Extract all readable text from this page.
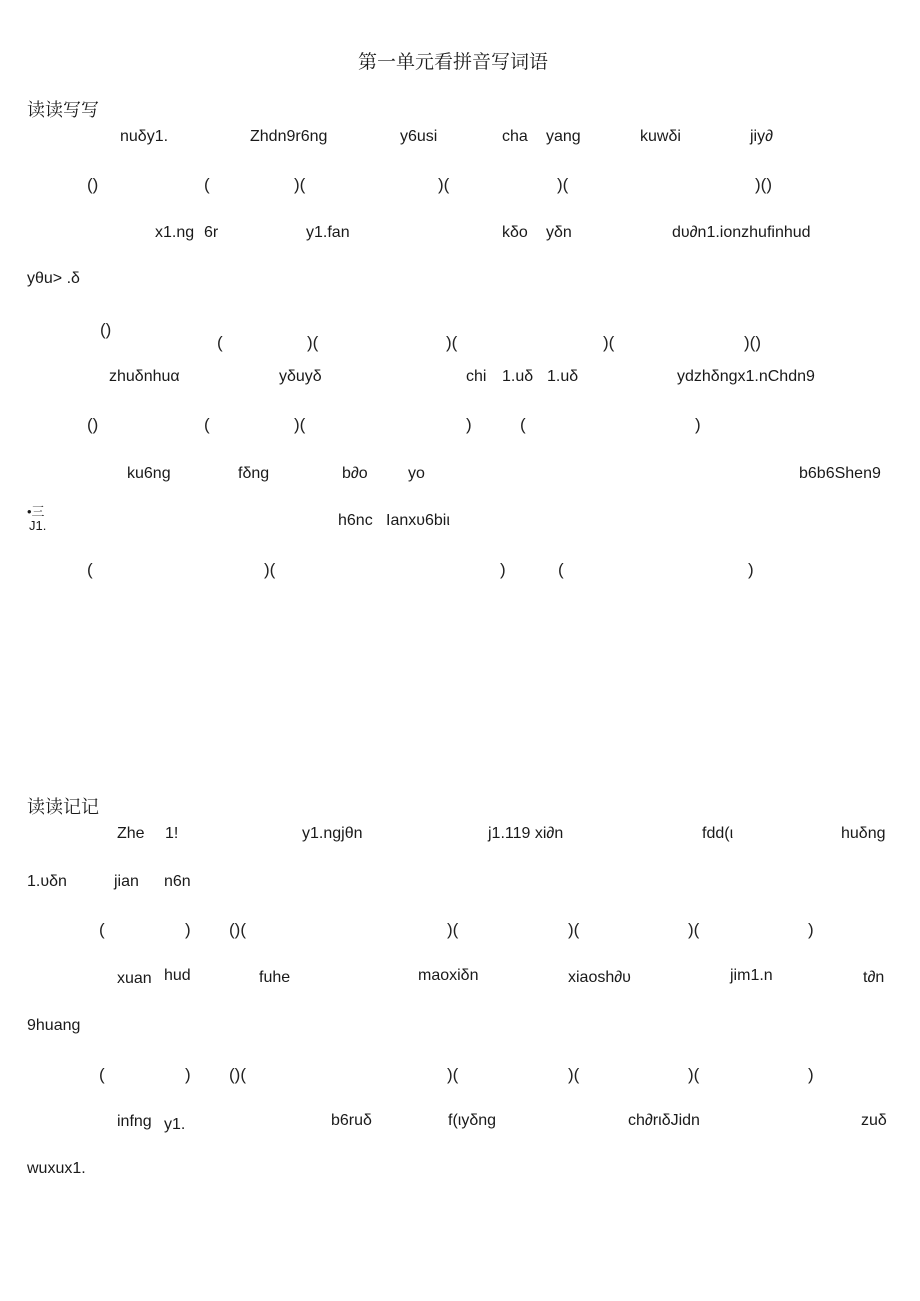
第一单元看拼音写词语
读读写写
nuδy1.	Zhdn9r6ng	y6usi	cha yang	kuwδi	jiy∂
()	(	)(	)(	)(	)()
x1.ng 6r	y1.fan	kδo yδn	dυ∂n1.ionzhufinhud
yθu> .δ
()
(	)(	)(	)(	)()
zhuδnhuα	yδuyδ	chi 1.uδ 1.uδ	ydzhδngx1.nChdn9
()	(	)(	)	(	)
ku6ng	fδng	b∂o	yo	b6b6Shen9
•三
J1.	h6nc Ianxυ6biι
(	)(	)	(	)
读读记记
Zhe 1!	y1.ngjθn	j1.119 xi∂n	fdd(ι	huδng
1.υδn	jian n6n
(	) ()(	)(	)(	)(	)
xuan hud	fuhe	maoxiδn	xiaosh∂υ	jim1.n	t∂n
9huang
(	) ()(	)(	)(	)(	)
infng y1.	b6ruδ	f(ιyδng	ch∂rιδJidn	zuδ
wuxux1.
